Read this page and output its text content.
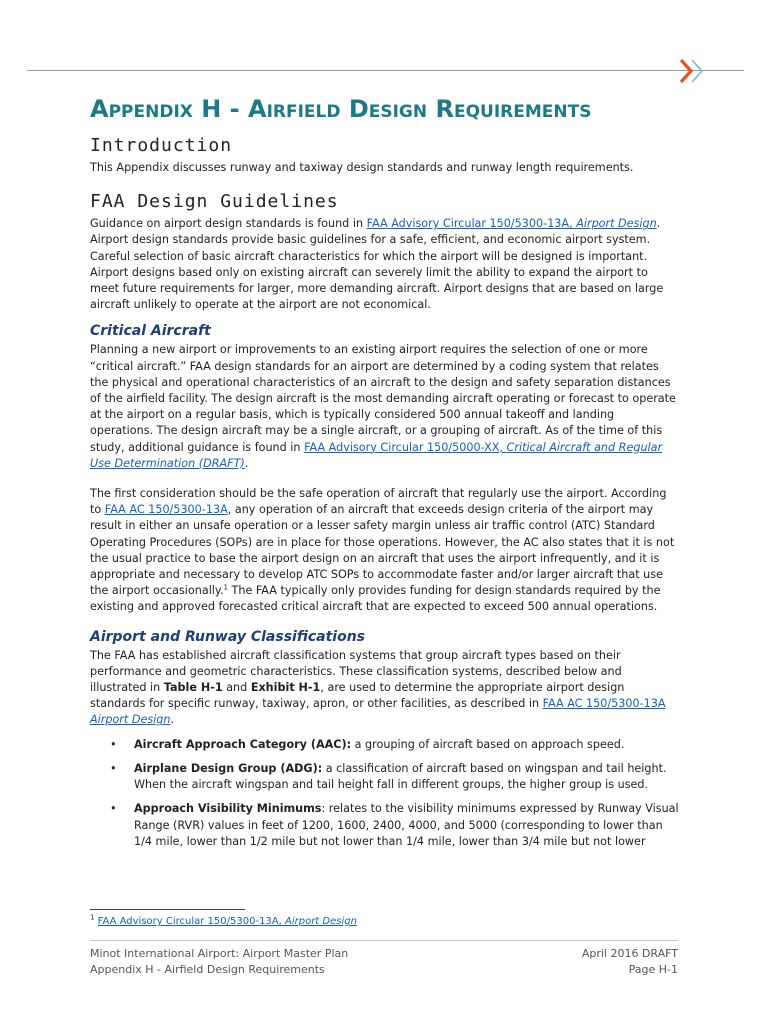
Appendix H - Airfield Design Requirements
Introduction

This Appendix discusses runway and taxiway design standards and runway length requirements.

FAA Design Guidelines

Guidance on airport design standards is found in FAA Advisory Circular 150/5300-13A, Airport Design. Airport design standards provide basic guidelines for a safe, efficient, and economic airport system. Careful selection of basic aircraft characteristics for which the airport will be designed is important. Airport designs based only on existing aircraft can severely limit the ability to expand the airport to meet future requirements for larger, more demanding aircraft. Airport designs that are based on large aircraft unlikely to operate at the airport are not economical.

Critical Aircraft

Planning a new airport or improvements to an existing airport requires the selection of one or more “critical aircraft.” FAA design standards for an airport are determined by a coding system that relates the physical and operational characteristics of an aircraft to the design and safety separation distances of the airfield facility. The design aircraft is the most demanding aircraft operating or forecast to operate at the airport on a regular basis, which is typically considered 500 annual takeoff and landing operations. The design aircraft may be a single aircraft, or a grouping of aircraft. As of the time of this study, additional guidance is found in FAA Advisory Circular 150/5000-XX, Critical Aircraft and Regular Use Determination (DRAFT).

The first consideration should be the safe operation of aircraft that regularly use the airport. According to FAA AC 150/5300-13A, any operation of an aircraft that exceeds design criteria of the airport may result in either an unsafe operation or a lesser safety margin unless air traffic control (ATC) Standard Operating Procedures (SOPs) are in place for those operations. However, the AC also states that it is not the usual practice to base the airport design on an aircraft that uses the airport infrequently, and it is appropriate and necessary to develop ATC SOPs to accommodate faster and/or larger aircraft that use the airport occasionally.$^1$ The FAA typically only provides funding for design standards required by the existing and approved forecasted critical aircraft that are expected to exceed 500 annual operations.

Airport and Runway Classifications

The FAA has established aircraft classification systems that group aircraft types based on their performance and geometric characteristics. These classification systems, described below and illustrated in Table H-1 and Exhibit H-1, are used to determine the appropriate airport design standards for specific runway, taxiway, apron, or other facilities, as described in FAA AC 150/5300-13A Airport Design.

• Aircraft Approach Category (AAC): a grouping of aircraft based on approach speed.
• Airplane Design Group (ADG): a classification of aircraft based on wingspan and tail height. When the aircraft wingspan and tail height fall in different groups, the higher group is used.
• Approach Visibility Minimums: relates to the visibility minimums expressed by Runway Visual Range (RVR) values in feet of 1200, 1600, 2400, 4000, and 5000 (corresponding to lower than 1/4 mile, lower than 1/2 mile but not lower than 1/4 mile, lower than 3/4 mile but not lower
$^1$ FAA Advisory Circular 150/5300-13A, Airport Design
Minot International Airport: Airport Master Plan
Appendix H - Airfield Design Requirements
April 2016 DRAFT
Page H-1
